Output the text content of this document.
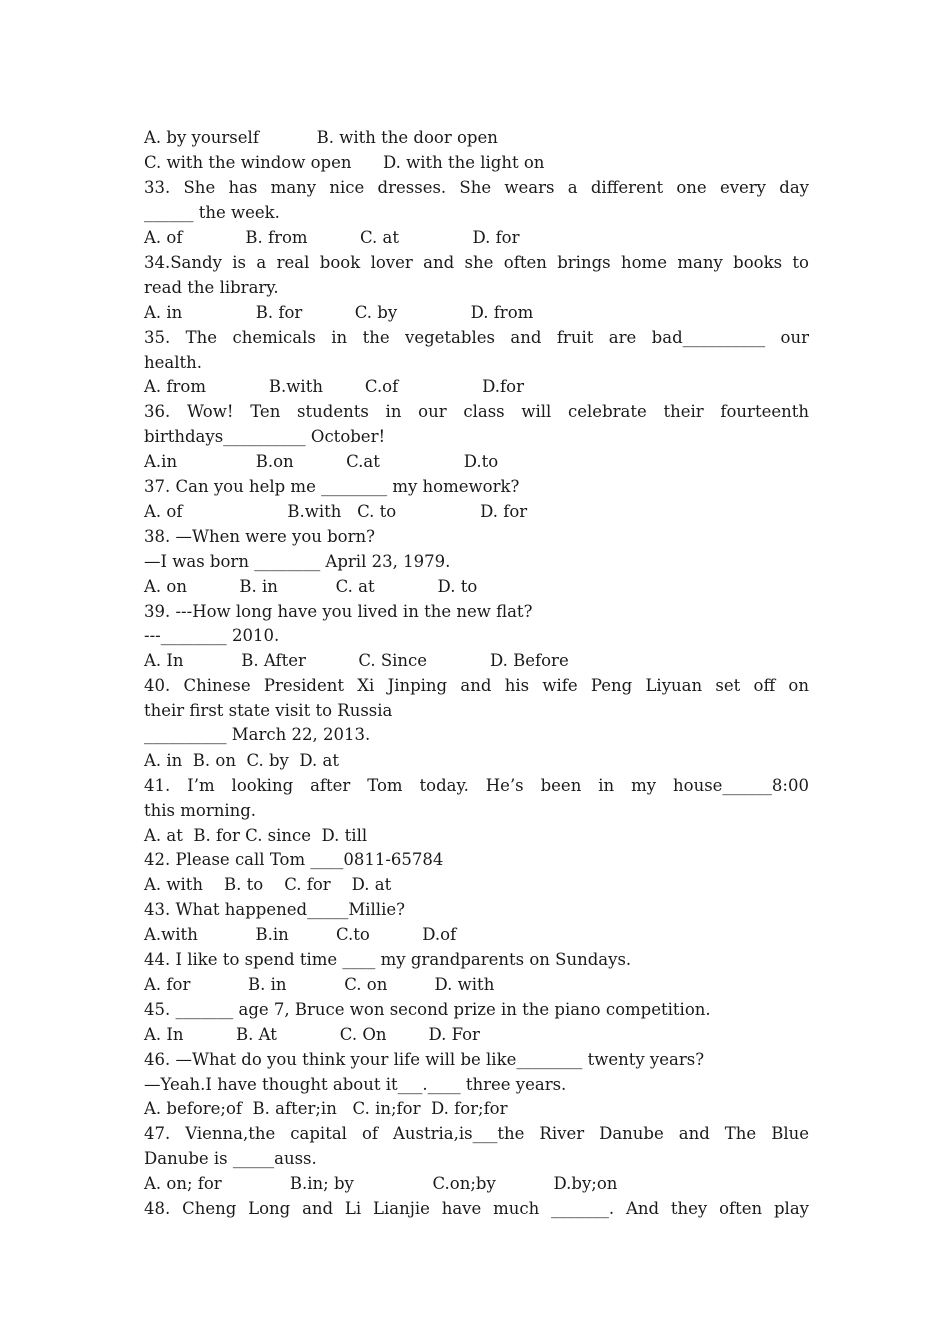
A. by yourself           B. with the door open
C. with the window open      D. with the light on
33. She has many nice dresses. She wears a different one every day
______ the week.
A. of            B. from          C. at              D. for
34.Sandy is a real book lover and she often brings home many books to
read the library.
A. in              B. for          C. by              D. from
35. The chemicals in the vegetables and fruit are bad__________ our
health.
A. from            B.with        C.of                D.for
36. Wow! Ten students in our class will celebrate their fourteenth
birthdays__________ October!
A.in               B.on          C.at                D.to
37. Can you help me ________ my homework?
A. of                    B.with   C. to                D. for
38. —When were you born?
—I was born ________ April 23, 1979.
A. on          B. in           C. at            D. to
39. ---How long have you lived in the new flat?
---________ 2010.
A. In           B. After          C. Since            D. Before
40. Chinese President Xi Jinping and his wife Peng Liyuan set off on
their first state visit to Russia
__________ March 22, 2013.
A. in  B. on  C. by  D. at
41. I’m looking after Tom today. He’s been in my house______8:00
this morning.
A. at  B. for C. since  D. till
42. Please call Tom ____0811-65784
A. with    B. to    C. for    D. at
43. What happened_____Millie?
A.with           B.in         C.to          D.of
44. I like to spend time ____ my grandparents on Sundays.
A. for           B. in           C. on         D. with
45. _______ age 7, Bruce won second prize in the piano competition.
A. In          B. At            C. On        D. For
46. —What do you think your life will be like________ twenty years?
—Yeah.I have thought about it___.____ three years.
A. before;of  B. after;in   C. in;for  D. for;for
47. Vienna,the capital of Austria,is___the River Danube and The Blue
Danube is _____auss.
A. on; for             B.in; by               C.on;by           D.by;on
48. Cheng Long and Li Lianjie have much _______. And they often play
